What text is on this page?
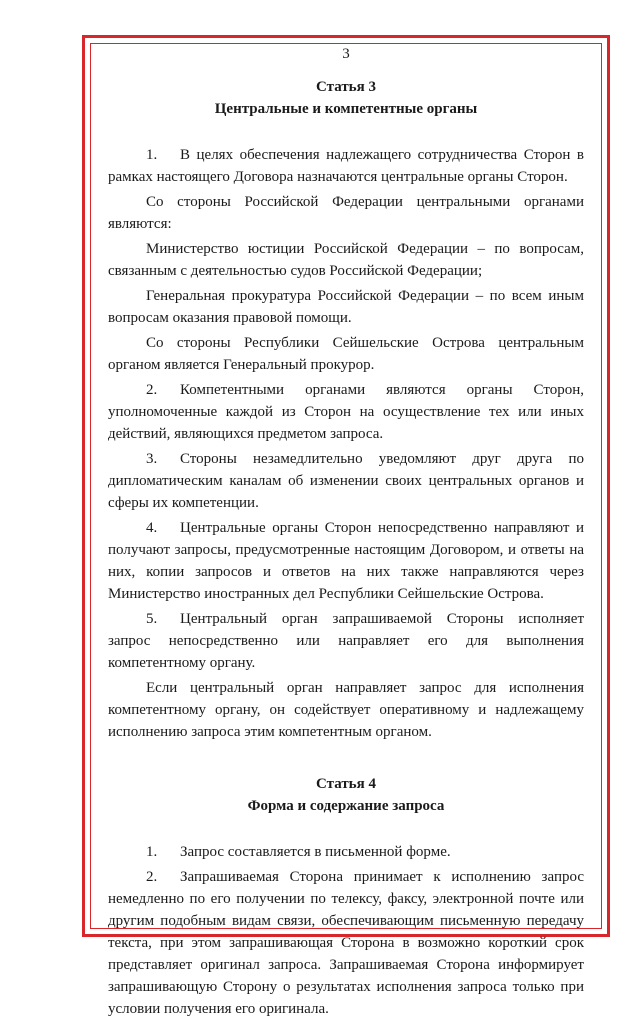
3

Статья 3

Центральные и компетентные органы

1. В целях обеспечения надлежащего сотрудничества Сторон в рамках настоящего Договора назначаются центральные органы Сторон.

Со стороны Российской Федерации центральными органами являются:

Министерство юстиции Российской Федерации – по вопросам, связанным с деятельностью судов Российской Федерации;

Генеральная прокуратура Российской Федерации – по всем иным вопросам оказания правовой помощи.

Со стороны Республики Сейшельские Острова центральным органом является Генеральный прокурор.

2. Компетентными органами являются органы Сторон, уполномоченные каждой из Сторон на осуществление тех или иных действий, являющихся предметом запроса.

3. Стороны незамедлительно уведомляют друг друга по дипломатическим каналам об изменении своих центральных органов и сферы их компетенции.

4. Центральные органы Сторон непосредственно направляют и получают запросы, предусмотренные настоящим Договором, и ответы на них, копии запросов и ответов на них также направляются через Министерство иностранных дел Республики Сейшельские Острова.

5. Центральный орган запрашиваемой Стороны исполняет запрос непосредственно или направляет его для выполнения компетентному органу.

Если центральный орган направляет запрос для исполнения компетентному органу, он содействует оперативному и надлежащему исполнению запроса этим компетентным органом.

Статья 4

Форма и содержание запроса

1. Запрос составляется в письменной форме.

2. Запрашиваемая Сторона принимает к исполнению запрос немедленно по его получении по телексу, факсу, электронной почте или другим подобным видам связи, обеспечивающим письменную передачу текста, при этом запрашивающая Сторона в возможно короткий срок представляет оригинал запроса. Запрашиваемая Сторона информирует запрашивающую Сторону о результатах исполнения запроса только при условии получения его оригинала.
